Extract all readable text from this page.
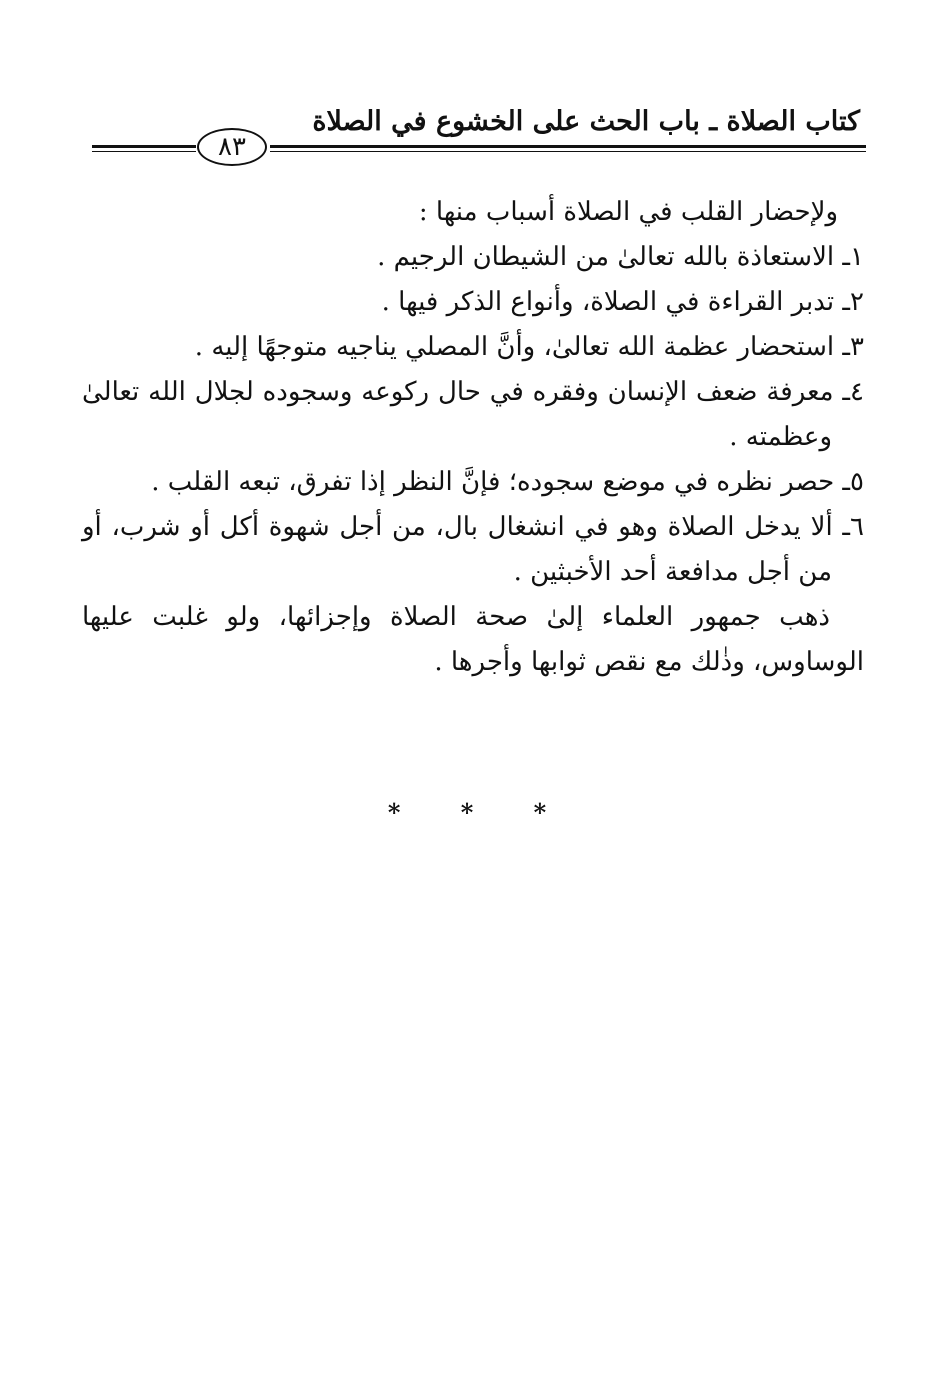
كتاب الصلاة ـ باب الحث على الخشوع في الصلاة
٨٣

ولإحضار القلب في الصلاة أسباب منها :

١ـ الاستعاذة بالله تعالىٰ من الشيطان الرجيم .

٢ـ تدبر القراءة في الصلاة، وأنواع الذكر فيها .

٣ـ استحضار عظمة الله تعالىٰ، وأنَّ المصلي يناجيه متوجهًا إليه .

٤ـ معرفة ضعف الإنسان وفقره في حال ركوعه وسجوده لجلال الله تعالىٰ وعظمته .

٥ـ حصر نظره في موضع سجوده؛ فإنَّ النظر إذا تفرق، تبعه القلب .

٦ـ ألا يدخل الصلاة وهو في انشغال بال، من أجل شهوة أكل أو شرب، أو من أجل مدافعة أحد الأخبثين .

ذهب جمهور العلماء إلىٰ صحة الصلاة وإجزائها، ولو غلبت عليها الوساوس، وذٰلك مع نقص ثوابها وأجرها .

* * *
